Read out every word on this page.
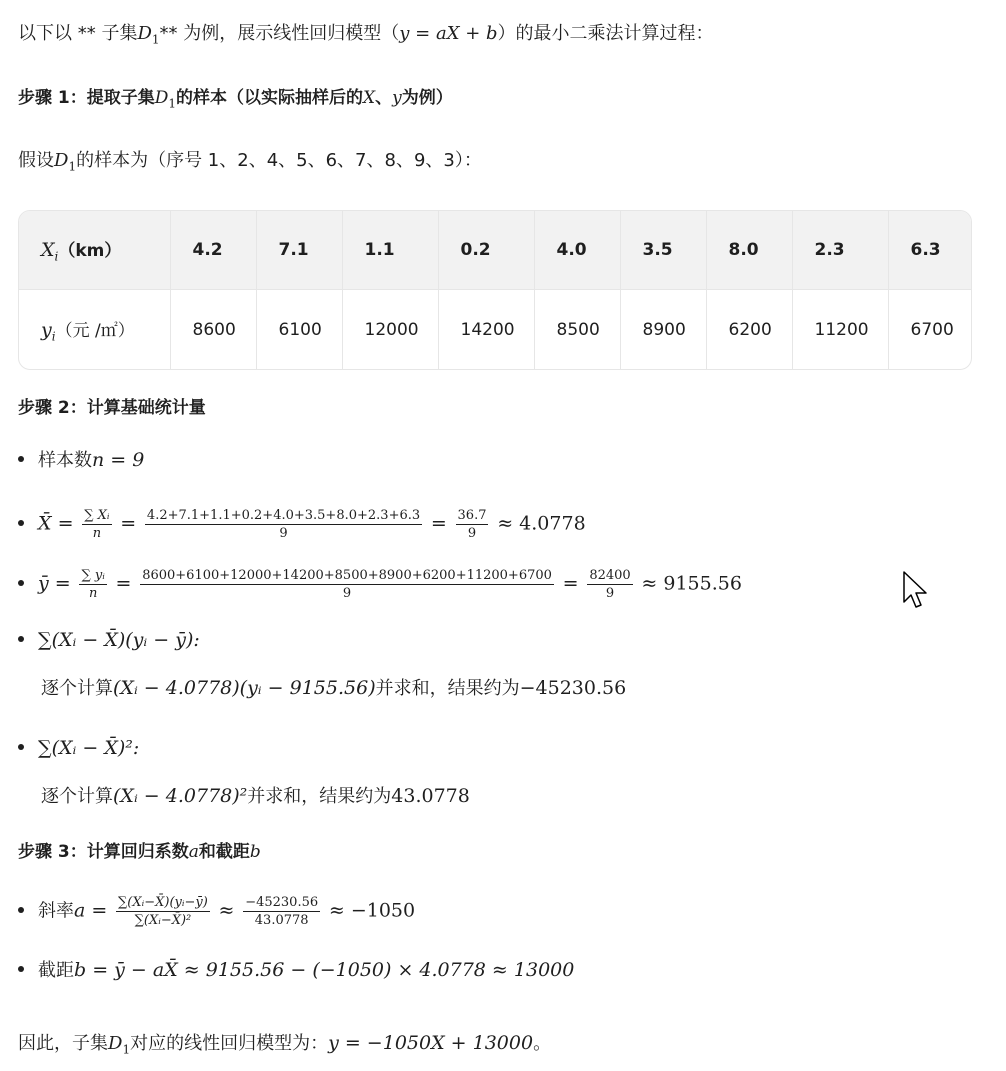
以下以 ** 子集$D_1**$ 为例，展示线性回归模型（y = aX + b）的最小二乘法计算过程：
步骤 1：提取子集$D_1$的样本（以实际抽样后的X、y为例）
假设$D_1$的样本为（序号 1、2、4、5、6、7、8、9、3）：
$X_i(km)$	4.2	7.1	1.1	0.2	4.0	3.5	8.0	2.3	6.3
$y_i$（元 /㎡）	8600	6100	12000	14200	8500	8900	6200	11200	6700
步骤 2：计算基础统计量
样本数n = 9
X̄ = $\frac{\text{∑ Xᵢ}}{n} = \frac{4.2+7.1+1.1+0.2+4.0+3.5+8.0+2.3+6.3}{9} = \frac{36.7}{9} \approx 4.0778$
ȳ = $\frac{\text{∑ yᵢ}}{n} = \frac{8600+6100+12000+14200+8500+8900+6200+11200+6700}{9} = \frac{82400}{9} \approx 9155.56$
∑(Xᵢ − X̄)(yᵢ − ȳ):
逐个计算(Xᵢ − 4.0778)(yᵢ − 9155.56)并求和，结果约为−45230.56
∑(Xᵢ − X̄)²:
逐个计算(Xᵢ − 4.0778)²并求和，结果约为43.0778
步骤 3：计算回归系数a和截距b
斜率$a = \frac{\text{∑(Xᵢ−X̄)(yᵢ−ȳ)}}{\text{∑(Xᵢ−X̄)²}} \approx \frac{-45230.56}{43.0778} \approx -1050$
截距b = ȳ − aX̄ ≈ 9155.56 − (−1050) × 4.0778 ≈ 13000
因此，子集$D_1$对应的线性回归模型为：y = −1050X + 13000。
